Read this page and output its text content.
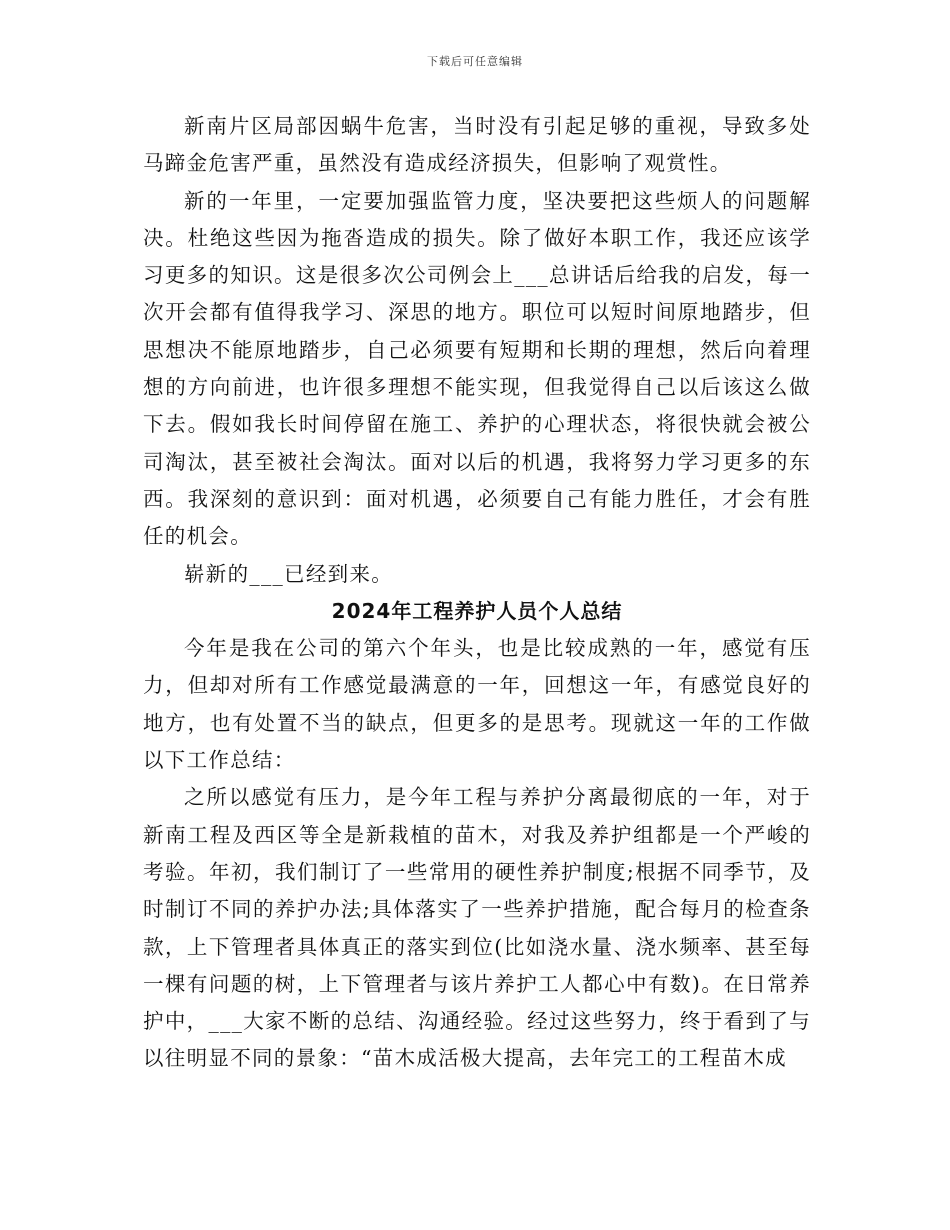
下载后可任意编辑

新南片区局部因蜗牛危害，当时没有引起足够的重视，导致多处马蹄金危害严重，虽然没有造成经济损失，但影响了观赏性。

新的一年里，一定要加强监管力度，坚决要把这些烦人的问题解决。杜绝这些因为拖沓造成的损失。除了做好本职工作，我还应该学习更多的知识。这是很多次公司例会上___总讲话后给我的启发，每一次开会都有值得我学习、深思的地方。职位可以短时间原地踏步，但思想决不能原地踏步，自己必须要有短期和长期的理想，然后向着理想的方向前进，也许很多理想不能实现，但我觉得自己以后该这么做下去。假如我长时间停留在施工、养护的心理状态，将很快就会被公司淘汰，甚至被社会淘汰。面对以后的机遇，我将努力学习更多的东西。我深刻的意识到：面对机遇，必须要自己有能力胜任，才会有胜任的机会。

崭新的___已经到来。

2024年工程养护人员个人总结

今年是我在公司的第六个年头，也是比较成熟的一年，感觉有压力，但却对所有工作感觉最满意的一年，回想这一年，有感觉良好的地方，也有处置不当的缺点，但更多的是思考。现就这一年的工作做以下工作总结：

之所以感觉有压力，是今年工程与养护分离最彻底的一年，对于新南工程及西区等全是新栽植的苗木，对我及养护组都是一个严峻的考验。年初，我们制订了一些常用的硬性养护制度;根据不同季节，及时制订不同的养护办法;具体落实了一些养护措施，配合每月的检查条款，上下管理者具体真正的落实到位(比如浇水量、浇水频率、甚至每一棵有问题的树，上下管理者与该片养护工人都心中有数)。在日常养护中，___大家不断的总结、沟通经验。经过这些努力，终于看到了与以往明显不同的景象：“苗木成活极大提高，去年完工的工程苗木成
